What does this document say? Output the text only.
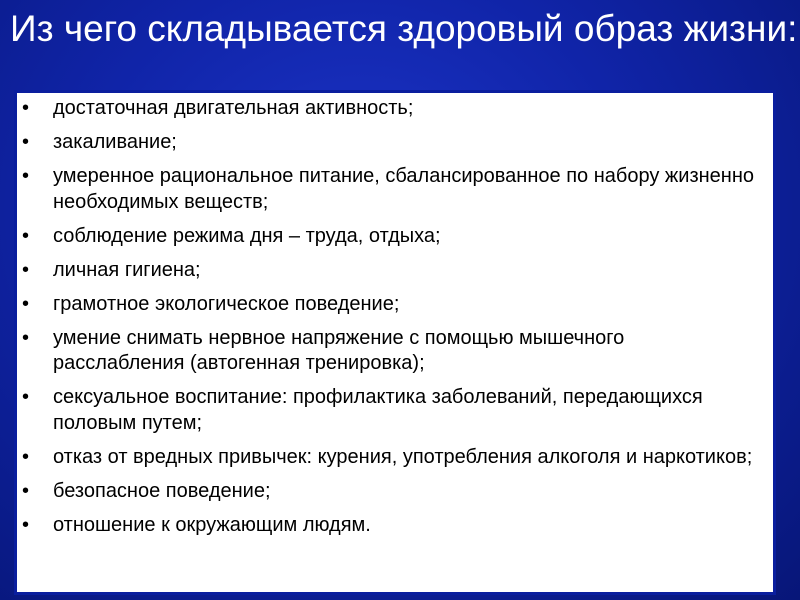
Из чего складывается здоровый образ жизни:
• достаточная двигательная активность;
• закаливание;
• умеренное рациональное питание, сбалансированное по набору жизненно необходимых веществ;
• соблюдение режима дня – труда, отдыха;
• личная гигиена;
• грамотное экологическое поведение;
• умение снимать нервное напряжение с помощью мышечного расслабления (автогенная тренировка);
• сексуальное воспитание: профилактика заболеваний, передающихся половым путем;
• отказ от вредных привычек: курения, употребления алкоголя и наркотиков;
• безопасное поведение;
• отношение к окружающим людям.
